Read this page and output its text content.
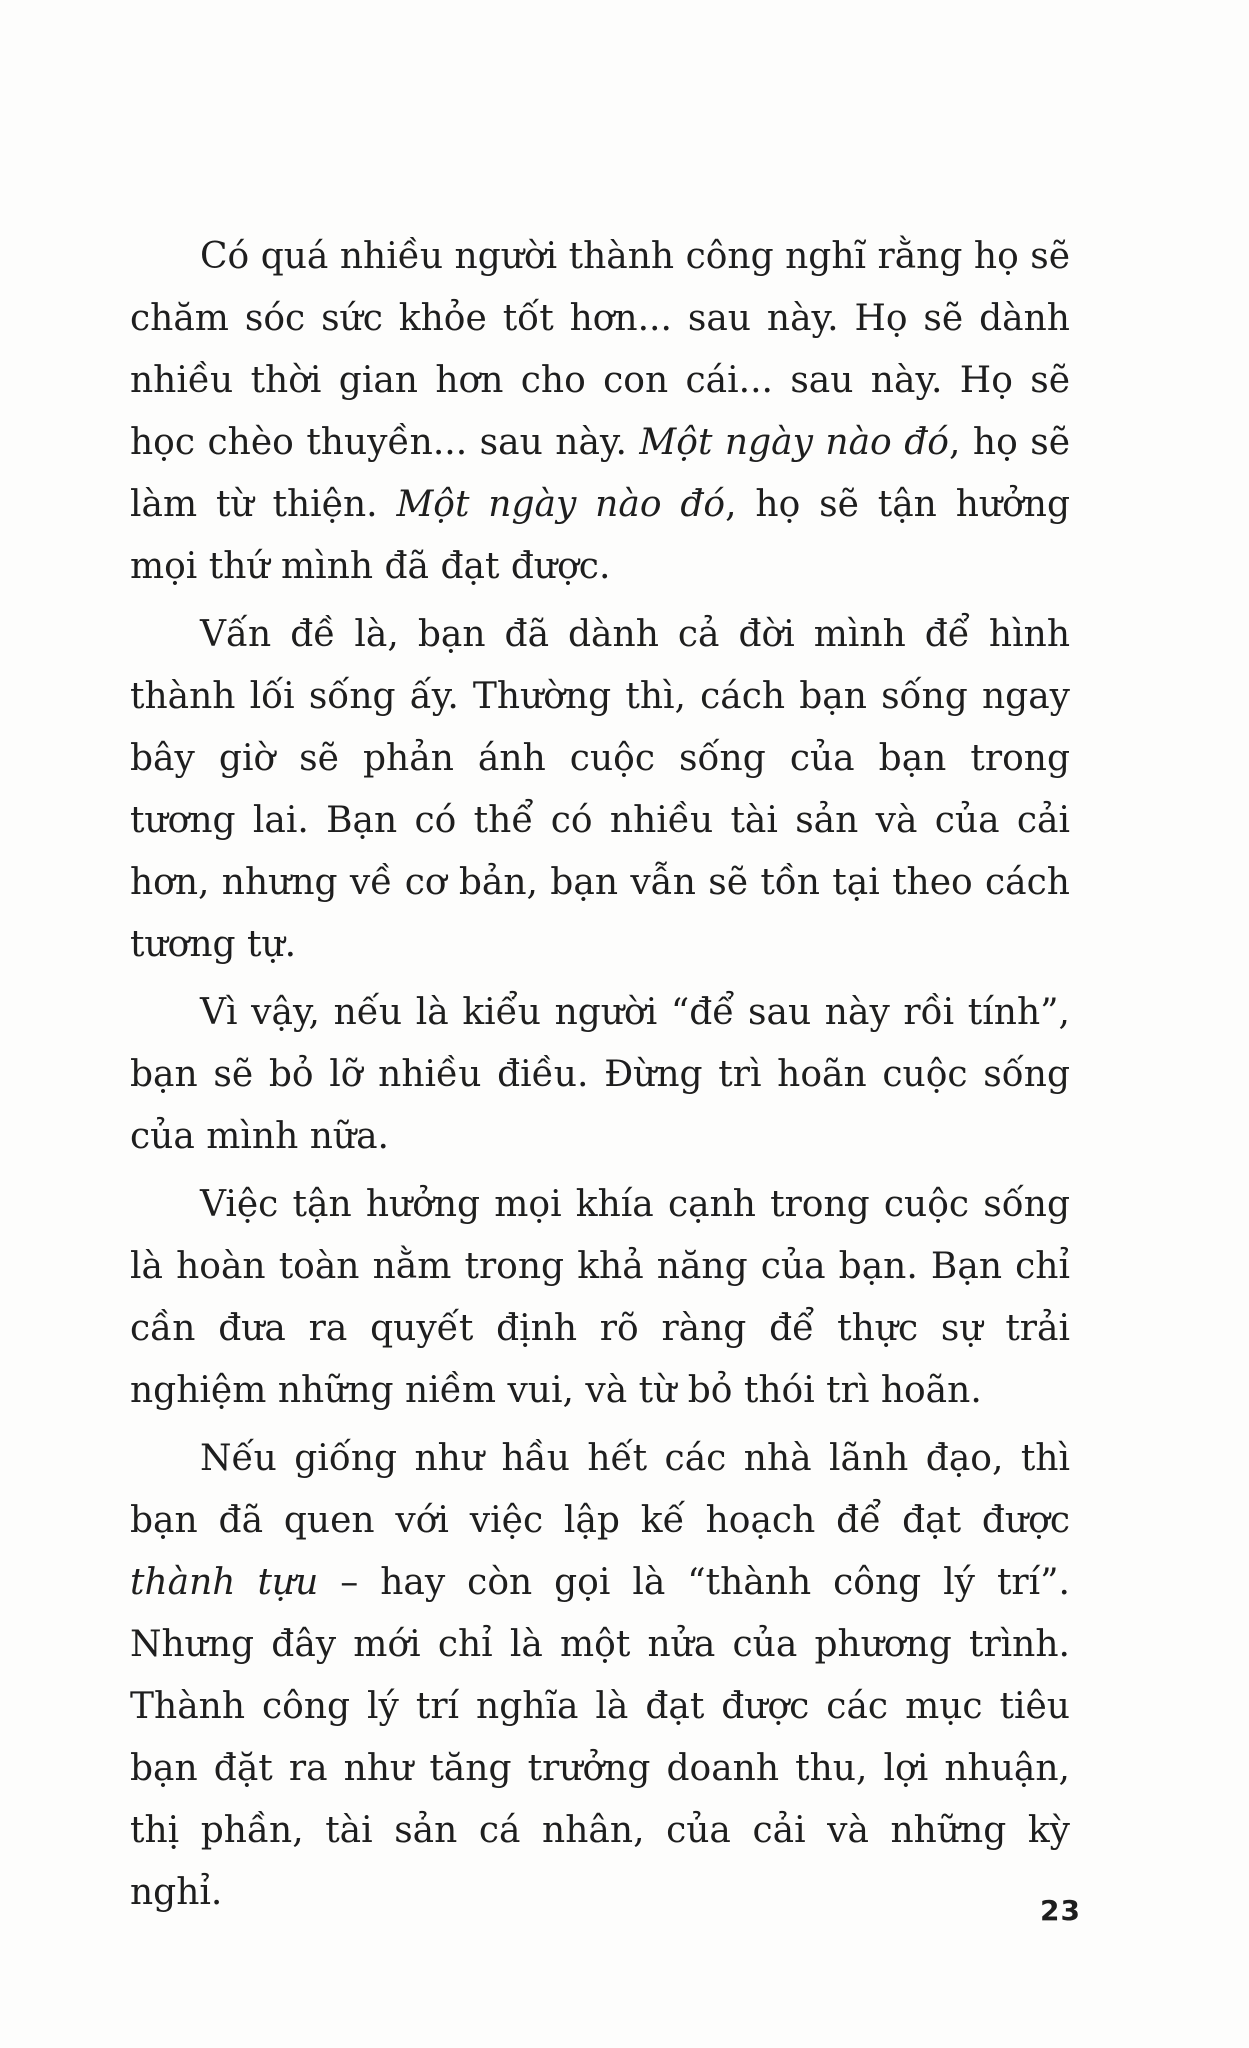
Có quá nhiều người thành công nghĩ rằng họ sẽ chăm sóc sức khỏe tốt hơn... sau này. Họ sẽ dành nhiều thời gian hơn cho con cái... sau này. Họ sẽ học chèo thuyền... sau này. Một ngày nào đó, họ sẽ làm từ thiện. Một ngày nào đó, họ sẽ tận hưởng mọi thứ mình đã đạt được.

Vấn đề là, bạn đã dành cả đời mình để hình thành lối sống ấy. Thường thì, cách bạn sống ngay bây giờ sẽ phản ánh cuộc sống của bạn trong tương lai. Bạn có thể có nhiều tài sản và của cải hơn, nhưng về cơ bản, bạn vẫn sẽ tồn tại theo cách tương tự.

Vì vậy, nếu là kiểu người “để sau này rồi tính”, bạn sẽ bỏ lỡ nhiều điều. Đừng trì hoãn cuộc sống của mình nữa.

Việc tận hưởng mọi khía cạnh trong cuộc sống là hoàn toàn nằm trong khả năng của bạn. Bạn chỉ cần đưa ra quyết định rõ ràng để thực sự trải nghiệm những niềm vui, và từ bỏ thói trì hoãn.

Nếu giống như hầu hết các nhà lãnh đạo, thì bạn đã quen với việc lập kế hoạch để đạt được thành tựu – hay còn gọi là “thành công lý trí”. Nhưng đây mới chỉ là một nửa của phương trình. Thành công lý trí nghĩa là đạt được các mục tiêu bạn đặt ra như tăng trưởng doanh thu, lợi nhuận, thị phần, tài sản cá nhân, của cải và những kỳ nghỉ.	23
